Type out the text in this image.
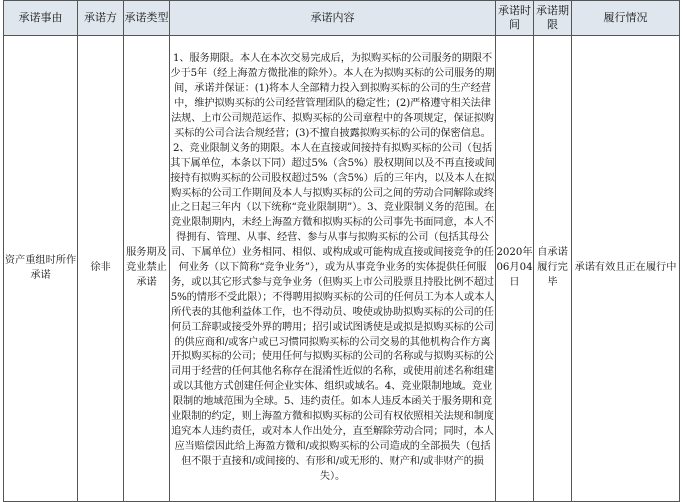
承诺事由	承诺方	承诺类型	承诺内容	承诺时间	承诺期限	履行情况
资产重组时所作承诺	徐非	服务期及竞业禁止承诺	1、服务期限。本人在本次交易完成后，为拟购买标的公司服务的期限不少于5年（经上海盈方微批准的除外）。本人在为拟购买标的公司服务的期间，承诺并保证：(1)将本人全部精力投入到拟购买标的公司的生产经营中，维护拟购买标的公司经营管理团队的稳定性；(2)严格遵守相关法律法规、上市公司规范运作、拟购买标的公司章程中的各项规定，保证拟购买标的公司合法合规经营；(3)不擅自披露拟购买标的公司的保密信息。2、竞业限制义务的期限。本人在直接或间接持有拟购买标的公司（包括其下属单位，本条以下同）超过5%（含5%）股权期间以及不再直接或间接持有拟购买标的公司股权超过5%（含5%）后的三年内，以及本人在拟购买标的公司工作期间及本人与拟购买标的公司之间的劳动合同解除或终止之日起三年内（以下统称“竞业限制期”）。3、竞业限制义务的范围。在竞业限制期内，未经上海盈方微和拟购买标的公司事先书面同意，本人不得拥有、管理、从事、经营、参与从事与拟购买标的公司（包括其母公司、下属单位）业务相同、相似、或构成或可能构成直接或间接竞争的任何业务（以下简称“竞争业务”），或为从事竞争业务的实体提供任何服务，或以其它形式参与竞争业务（但购买上市公司股票且持股比例不超过5%的情形不受此限）；不得聘用拟购买标的公司的任何员工为本人或本人所代表的其他利益体工作，也不得动员、唆使或协助拟购买标的公司的任何员工辞职或接受外界的聘用；招引或试图诱使是或拟是拟购买标的公司的供应商和/或客户或已习惯同拟购买标的公司交易的其他机构合作方离开拟购买标的公司；使用任何与拟购买标的公司的名称或与拟购买标的公司用于经营的任何其他名称存在混淆性近似的名称，或使用前述名称组建或以其他方式创建任何企业实体、组织或域名。4、竞业限制地域。竞业限制的地域范围为全球。5、违约责任。如本人违反本函关于服务期和竞业限制的约定，则上海盈方微和拟购买标的公司有权依照相关法规和制度追究本人违约责任，或对本人作出处分，直至解除劳动合同；同时，本人应当赔偿因此给上海盈方微和/或拟购买标的公司造成的全部损失（包括但不限于直接和/或间接的、有形和/或无形的、财产和/或非财产的损失）。	2020年06月04日	自承诺履行完毕	承诺有效且正在履行中
